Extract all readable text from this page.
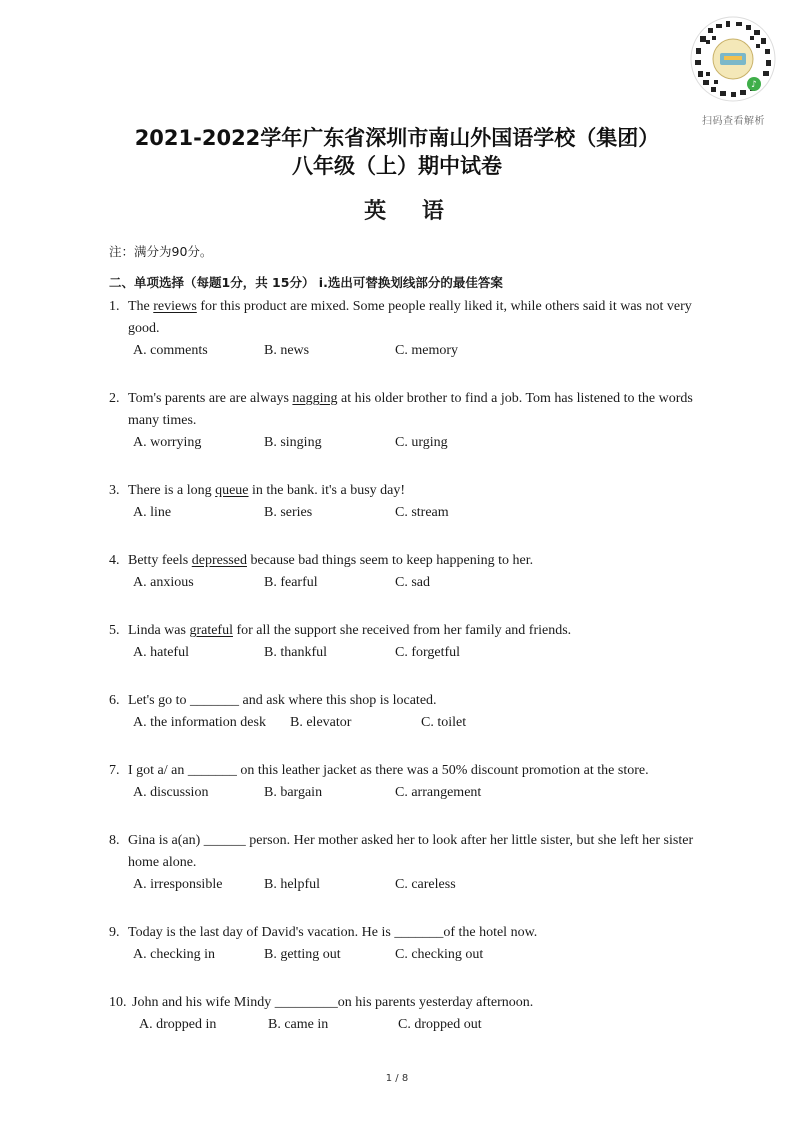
♪
扫码查看解析
2021-2022学年广东省深圳市南山外国语学校（集团）
八年级（上）期中试卷
英 语
注：满分为90分。
二、单项选择（每题1分，共 15分） i.选出可替换划线部分的最佳答案
1. The reviews for this product are mixed. Some people really liked it, while others said it was not very good.
A. comments	B. news	C. memory
2. Tom's parents are are always nagging at his older brother to find a job. Tom has listened to the words many times.
A. worrying	B. singing	C. urging
3. There is a long queue in the bank. it's a busy day!
A. line	B. series	C. stream
4. Betty feels depressed because bad things seem to keep happening to her.
A. anxious	B. fearful	C. sad
5. Linda was grateful for all the support she received from her family and friends.
A. hateful	B. thankful	C. forgetful
6. Let's go to _______ and ask where this shop is located.
A. the information desk B. elevator	C. toilet
7. I got a/ an _______ on this leather jacket as there was a 50% discount promotion at the store.
A. discussion	B. bargain	C. arrangement
8. Gina is a(an) ______ person. Her mother asked her to look after her little sister, but she left her sister home alone.
A. irresponsible	B. helpful	C. careless
9. Today is the last day of David's vacation. He is _______of the hotel now.
A. checking in	B. getting out	C. checking out
10. John and his wife Mindy _________on his parents yesterday afternoon.
A. dropped in	B. came in	C. dropped out
1 / 8
